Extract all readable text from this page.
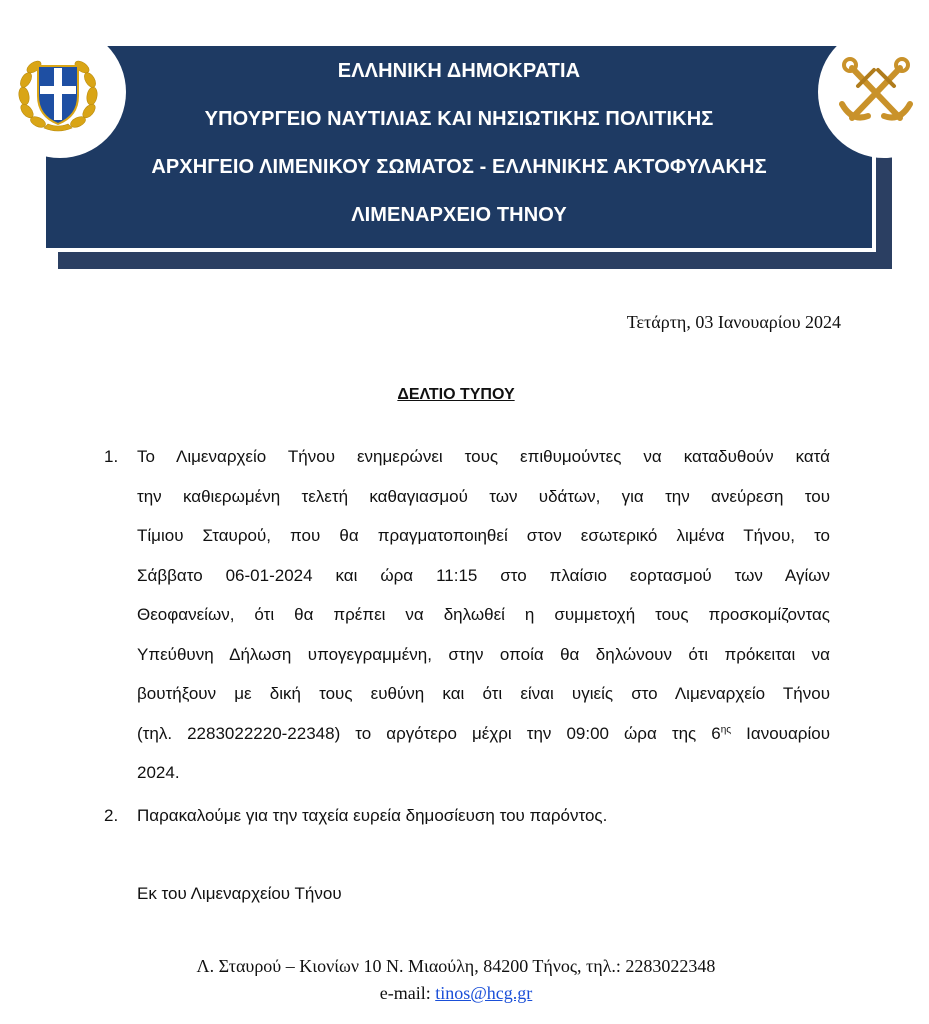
ΕΛΛΗΝΙΚΗ ΔΗΜΟΚΡΑΤΙΑ
ΥΠΟΥΡΓΕΙΟ ΝΑΥΤΙΛΙΑΣ ΚΑΙ ΝΗΣΙΩΤΙΚΗΣ ΠΟΛΙΤΙΚΗΣ
ΑΡΧΗΓΕΙΟ ΛΙΜΕΝΙΚΟΥ ΣΩΜΑΤΟΣ - ΕΛΛΗΝΙΚΗΣ ΑΚΤΟΦΥΛΑΚΗΣ
ΛΙΜΕΝΑΡΧΕΙΟ ΤΗΝΟΥ
Τετάρτη, 03 Ιανουαρίου 2024
ΔΕΛΤΙΟ ΤΥΠΟΥ
1. Το Λιμεναρχείο Τήνου ενημερώνει τους επιθυμούντες να καταδυθούν κατά
την καθιερωμένη τελετή καθαγιασμού των υδάτων, για την ανεύρεση του
Τίμιου Σταυρού, που θα πραγματοποιηθεί στον εσωτερικό λιμένα Τήνου, το
Σάββατο 06-01-2024 και ώρα 11:15 στο πλαίσιο εορτασμού των Αγίων
Θεοφανείων, ότι θα πρέπει να δηλωθεί η συμμετοχή τους προσκομίζοντας
Υπεύθυνη Δήλωση υπογεγραμμένη, στην οποία θα δηλώνουν ότι πρόκειται να
βουτήξουν με δική τους ευθύνη και ότι είναι υγιείς στο Λιμεναρχείο Τήνου
(τηλ. 2283022220-22348) το αργότερο μέχρι την 09:00 ώρα της $6^{\eta\varsigma}$ Ιανουαρίου
2024.
2. Παρακαλούμε για την ταχεία ευρεία δημοσίευση του παρόντος.
Εκ του Λιμεναρχείου Τήνου
Λ. Σταυρού – Κιονίων 10 Ν. Μιαούλη, 84200 Τήνος, τηλ.: 2283022348
e-mail: tinos@hcg.gr
